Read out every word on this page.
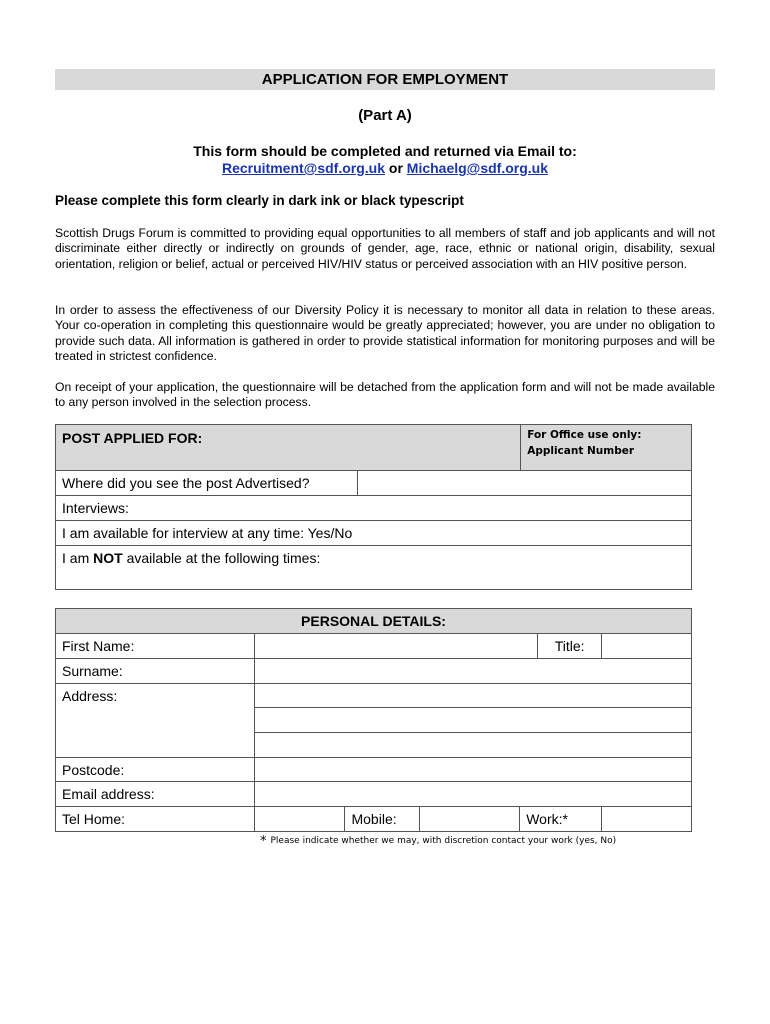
APPLICATION FOR EMPLOYMENT
(Part A)
This form should be completed and returned via Email to:
Recruitment@sdf.org.uk or Michaelg@sdf.org.uk
Please complete this form clearly in dark ink or black typescript

Scottish Drugs Forum is committed to providing equal opportunities to all members of staff and job applicants and will not discriminate either directly or indirectly on grounds of gender, age, race, ethnic or national origin, disability, sexual orientation, religion or belief, actual or perceived HIV/HIV status or perceived association with an HIV positive person.

In order to assess the effectiveness of our Diversity Policy it is necessary to monitor all data in relation to these areas. Your co-operation in completing this questionnaire would be greatly appreciated; however, you are under no obligation to provide such data. All information is gathered in order to provide statistical information for monitoring purposes and will be treated in strictest confidence.

On receipt of your application, the questionnaire will be detached from the application form and will not be made available to any person involved in the selection process.

POST APPLIED FOR:		For Office use only:
Applicant Number

Where did you see the post Advertised?		
Interviews:		
I am available for interview at any time: Yes/No		

I am NOT available at the following times:		
PERSONAL DETAILS:						
First Name:					Title:	
Surname:						
Address:						

Postcode:						
Email address:						
Tel Home:		Mobile:		Work:*		
* Please indicate whether we may, with discretion contact your work (yes, No)
